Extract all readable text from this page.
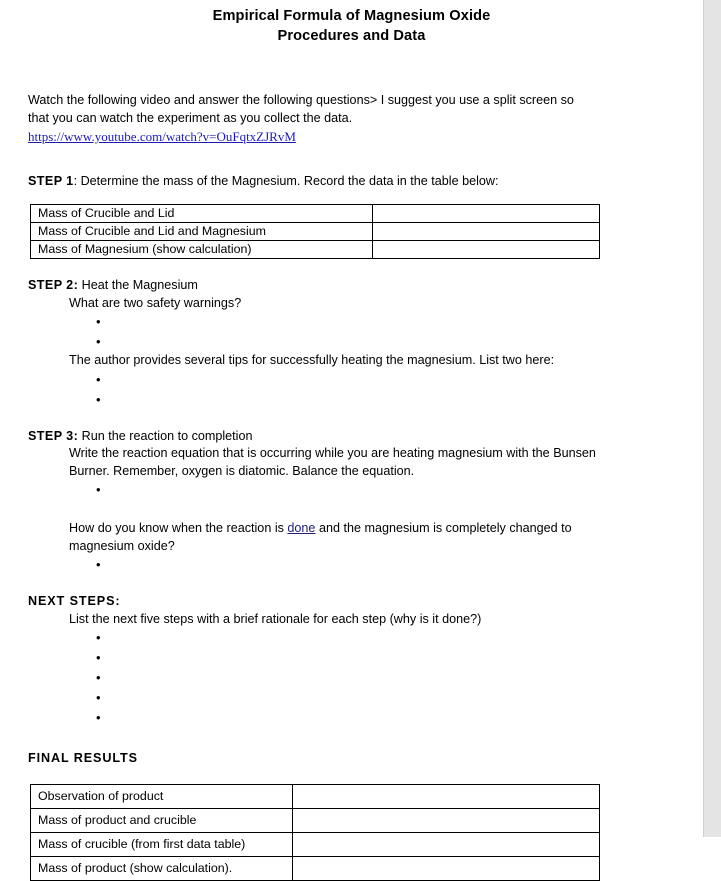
Empirical Formula of Magnesium Oxide
Procedures and Data
Watch the following video and answer the following questions> I suggest you use a split screen so
that you can watch the experiment as you collect the data.
https://www.youtube.com/watch?v=OuFqtxZJRvM
STEP 1: Determine the mass of the Magnesium. Record the data in the table below:
Mass of Crucible and Lid	
Mass of Crucible and Lid and Magnesium	
Mass of Magnesium (show calculation)	
STEP 2: Heat the Magnesium
What are two safety warnings?
•
•
The author provides several tips for successfully heating the magnesium. List two here:
•
•
STEP 3: Run the reaction to completion
Write the reaction equation that is occurring while you are heating magnesium with the Bunsen
Burner. Remember, oxygen is diatomic. Balance the equation.
•
How do you know when the reaction is done and the magnesium is completely changed to
magnesium oxide?
•
NEXT STEPS:
List the next five steps with a brief rationale for each step (why is it done?)
•
•
•
•
•
FINAL RESULTS
Observation of product	
Mass of product and crucible	
Mass of crucible (from first data table)	
Mass of product (show calculation).	
